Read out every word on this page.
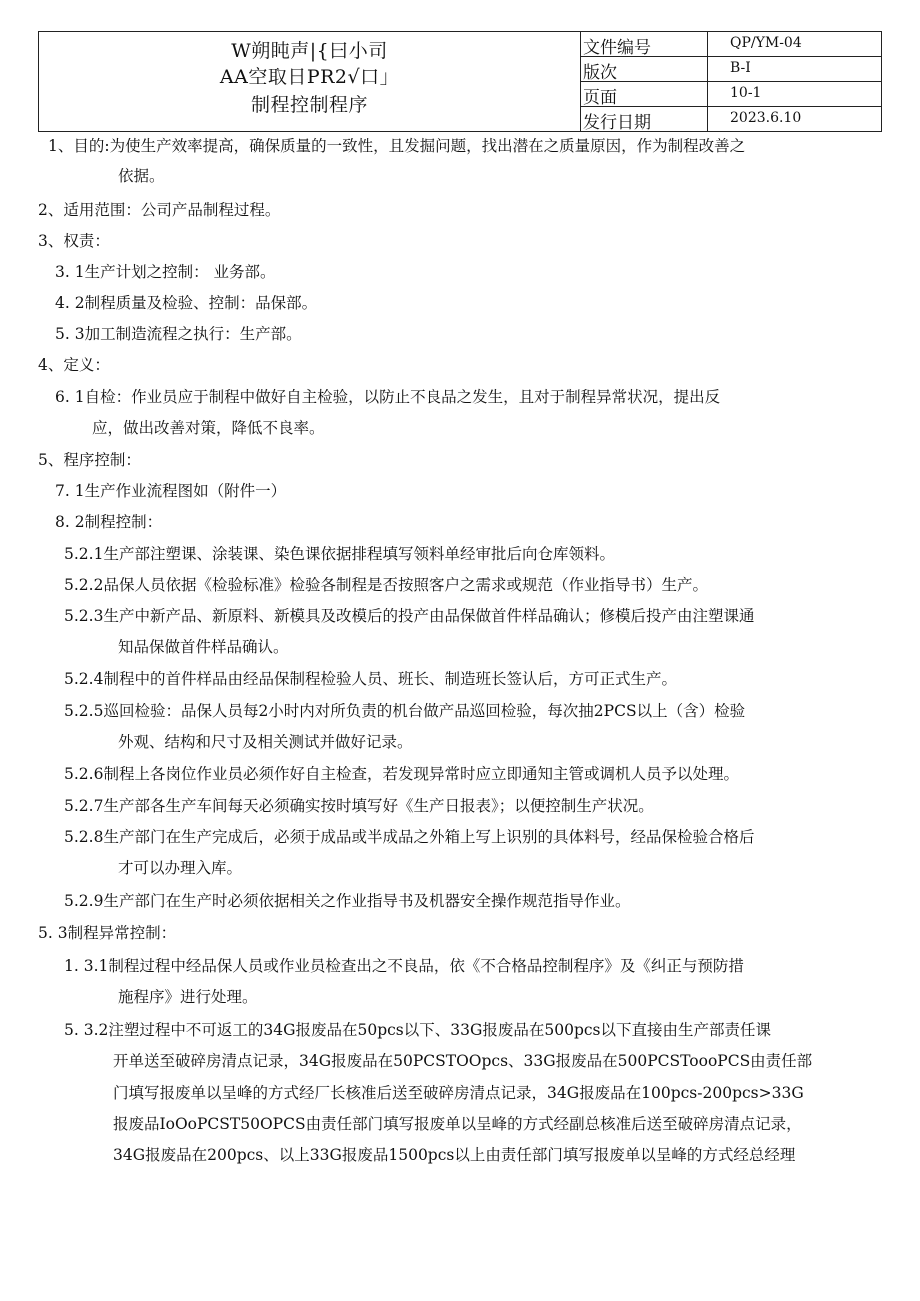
W朔盹声|{曰小司
AA空取日PR2√口」
制程控制程序
文件编号	QP/YM-04
版次	B-I
页面	10-1
发行日期	2023.6.10
1、目的:为使生产效率提高，确保质量的一致性，且发掘问题，找出潜在之质量原因，作为制程改善之
依据。
2、适用范围：公司产品制程过程。
3、权责：
3. 1生产计划之控制： 业务部。
4. 2制程质量及检验、控制：品保部。
5. 3加工制造流程之执行：生产部。
4、定义：
6. 1自检：作业员应于制程中做好自主检验，以防止不良品之发生，且对于制程异常状况，提出反
应，做出改善对策，降低不良率。
5、程序控制：
7. 1生产作业流程图如（附件一）
8. 2制程控制：
5.2.1生产部注塑课、涂装课、染色课依据排程填写领料单经审批后向仓库领料。
5.2.2品保人员依据《检验标准》检验各制程是否按照客户之需求或规范（作业指导书）生产。
5.2.3生产中新产品、新原料、新模具及改模后的投产由品保做首件样品确认；修模后投产由注塑课通
知品保做首件样品确认。
5.2.4制程中的首件样品由经品保制程检验人员、班长、制造班长签认后，方可正式生产。
5.2.5巡回检验：品保人员每2小时内对所负责的机台做产品巡回检验，每次抽2PCS以上（含）检验
外观、结构和尺寸及相关测试并做好记录。
5.2.6制程上各岗位作业员必须作好自主检查，若发现异常时应立即通知主管或调机人员予以处理。
5.2.7生产部各生产车间每天必须确实按时填写好《生产日报表》；以便控制生产状况。
5.2.8生产部门在生产完成后，必须于成品或半成品之外箱上写上识别的具体料号，经品保检验合格后
才可以办理入库。
5.2.9生产部门在生产时必须依据相关之作业指导书及机器安全操作规范指导作业。
5. 3制程异常控制：
1. 3.1制程过程中经品保人员或作业员检查出之不良品，依《不合格品控制程序》及《纠正与预防措
施程序》进行处理。
5. 3.2注塑过程中不可返工的34G报废品在50pcs以下、33G报废品在500pcs以下直接由生产部责任课
开单送至破碎房清点记录，34G报废品在50PCSTOOpcs、33G报废品在500PCSTooоPCS由责任部
门填写报废单以呈峰的方式经厂长核准后送至破碎房清点记录，34G报废品在100pcs-200pcs>33G
报废品IoOoPCST50OPCS由责任部门填写报废单以呈峰的方式经副总核准后送至破碎房清点记录，
34G报废品在200pcs、以上33G报废品1500pcs以上由责任部门填写报废单以呈峰的方式经总经理
